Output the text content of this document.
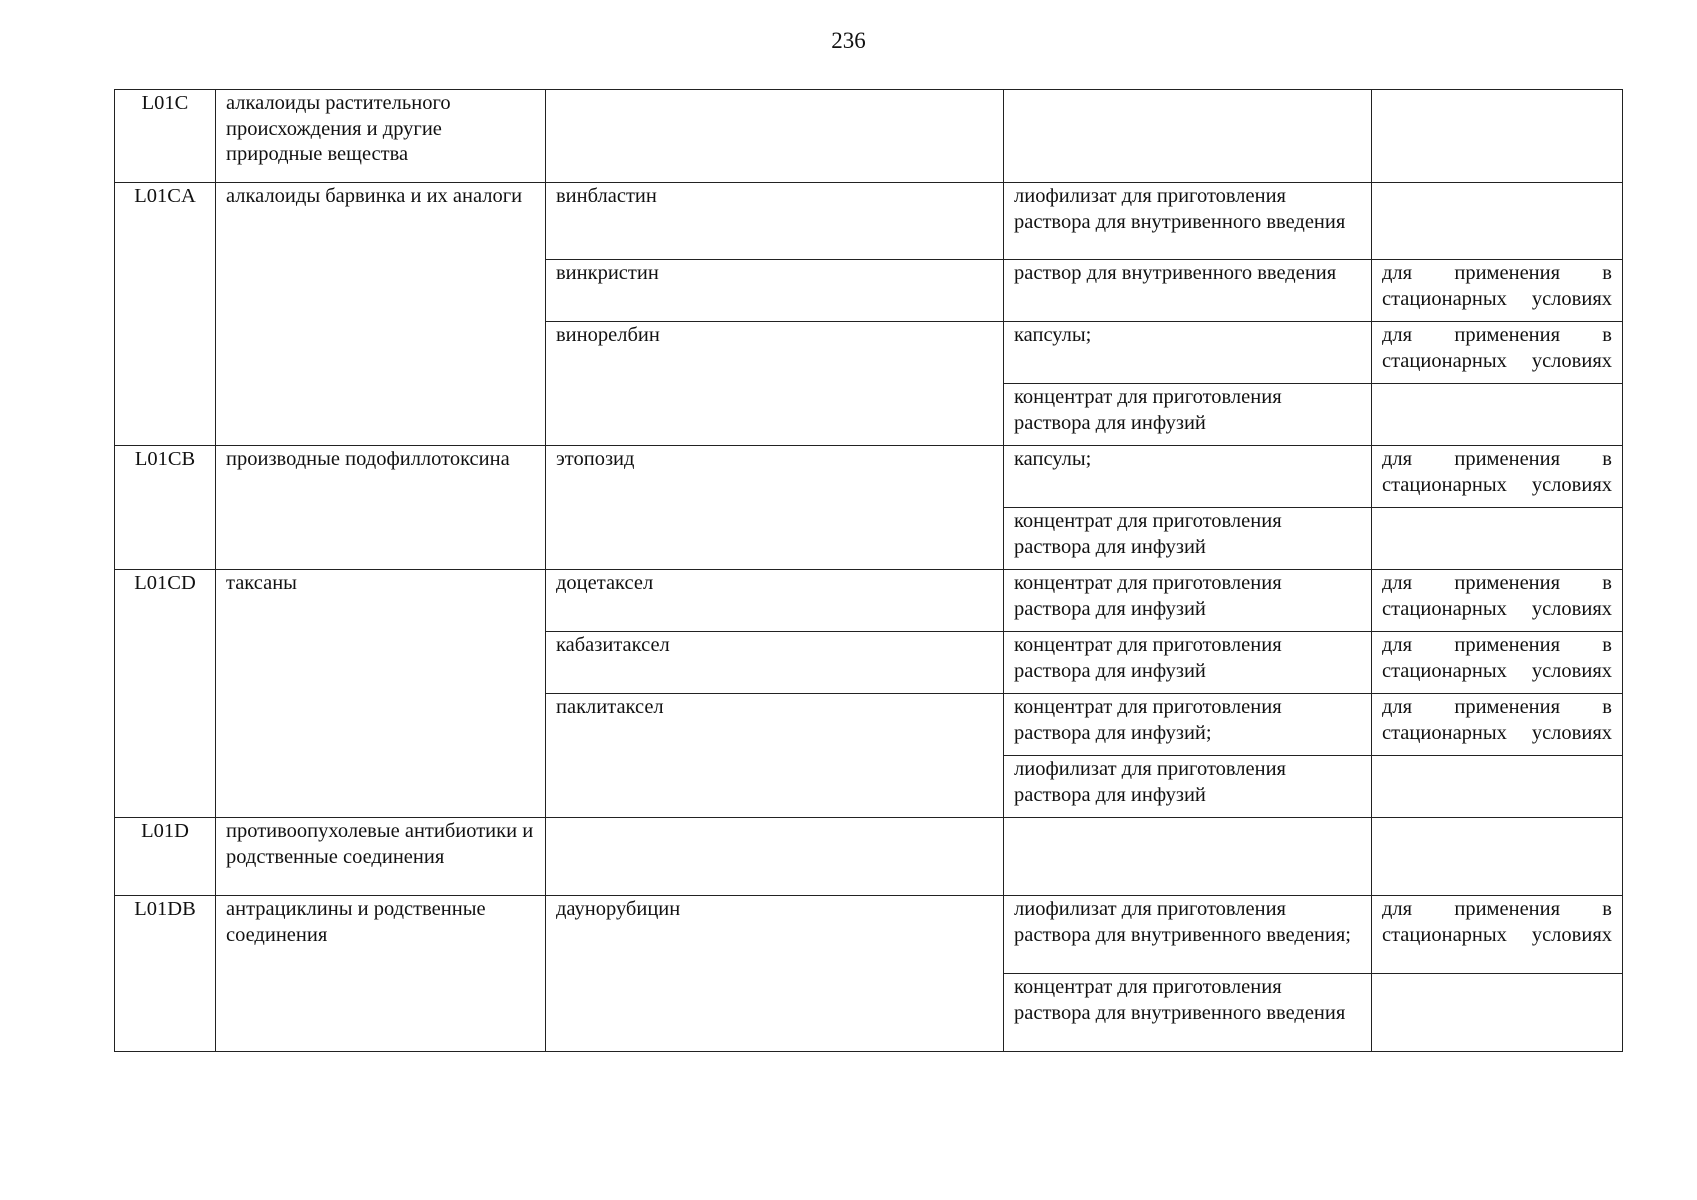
236
L01C	алкалоиды растительного происхождения и другие природные вещества			
L01CA	алкалоиды барвинка и их аналоги	винбластин	лиофилизат для приготовления раствора для внутривенного введения	
		винкристин	раствор для внутривенного введения	для применения в стационарных условиях
		винорелбин	капсулы;	для применения в стационарных условиях
			концентрат для приготовления раствора для инфузий	
L01CB	производные подофиллотоксина	этопозид	капсулы;	для применения в стационарных условиях
			концентрат для приготовления раствора для инфузий	
L01CD	таксаны	доцетаксел	концентрат для приготовления раствора для инфузий	для применения в стационарных условиях
		кабазитаксел	концентрат для приготовления раствора для инфузий	для применения в стационарных условиях
		паклитаксел	концентрат для приготовления раствора для инфузий;	для применения в стационарных условиях
			лиофилизат для приготовления раствора для инфузий	
L01D	противоопухолевые антибиотики и родственные соединения			
L01DB	антрациклины и родственные соединения	даунорубицин	лиофилизат для приготовления раствора для внутривенного введения;	для применения в стационарных условиях
			концентрат для приготовления раствора для внутривенного введения	
